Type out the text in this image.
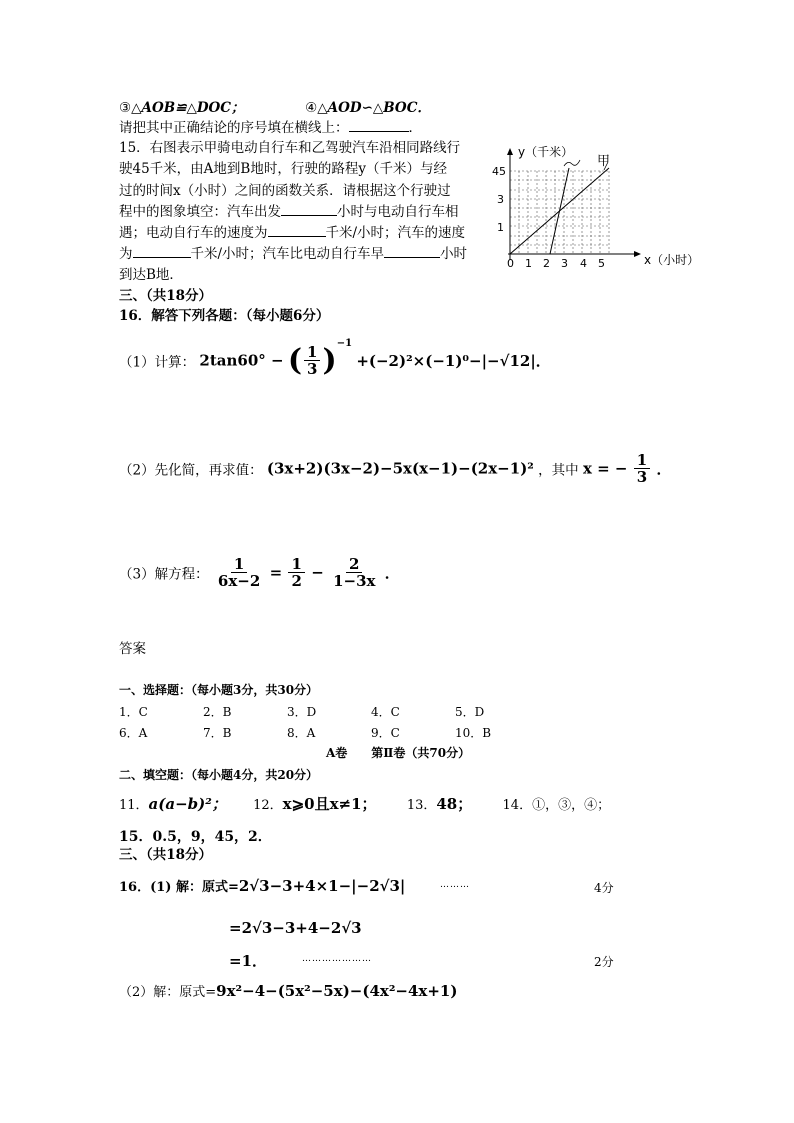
③△AOB≌△DOC；	④△AOD∽△BOC．
请把其中正确结论的序号填在横线上：	．
15．右图表示甲骑电动自行车和乙驾驶汽车沿相同路线行
驶45千米，由A地到B地时，行驶的路程y（千米）与经
过的时间x（小时）之间的函数关系．请根据这个行驶过
程中的图象填空：汽车出发	小时与电动自行车相
遇；电动自行车的速度为	千米/小时；汽车的速度
为	千米/小时；汽车比电动自行车早	小时
到达B地．
y（千米）
甲
x（小时）
45
3
1
0 1 2 3 4 5
三、（共18分）
16．解答下列各题：（每小题6分）
（1）计算： 2tan60° − ( $\frac{1}{3} )^{-1} +(-2)^2\times(-1)^0-|-√12|$．
（2）先化简，再求值： (3x+2)(3x−2)−5x(x−1)−(2x−1)² ，其中 x = − $\frac{1}{3}$ ．
（3）解方程： $\frac{1}{6x-2} = \frac{1}{2} - \frac{2}{1-3x}$ ．
答案
一、选择题：（每小题3分，共30分）
1．C	2．B	3．D	4．C	5．D
6．A	7．B	8．A	9．C	10．B
A卷　　第Ⅱ卷（共70分）
二、填空题：（每小题4分，共20分）
11．a(a−b)²； 12．x⩾0且x≠1； 13．48； 14．①，③，④；
15．0.5，9，45，2．
三、（共18分）
16．(1) 解：原式=2√3−3+4×1−|−2√3|	………	4分
=2√3−3+4−2√3
=1．	…………………	2分
（2）解：原式=9x²−4−(5x²−5x)−(4x²−4x+1)
